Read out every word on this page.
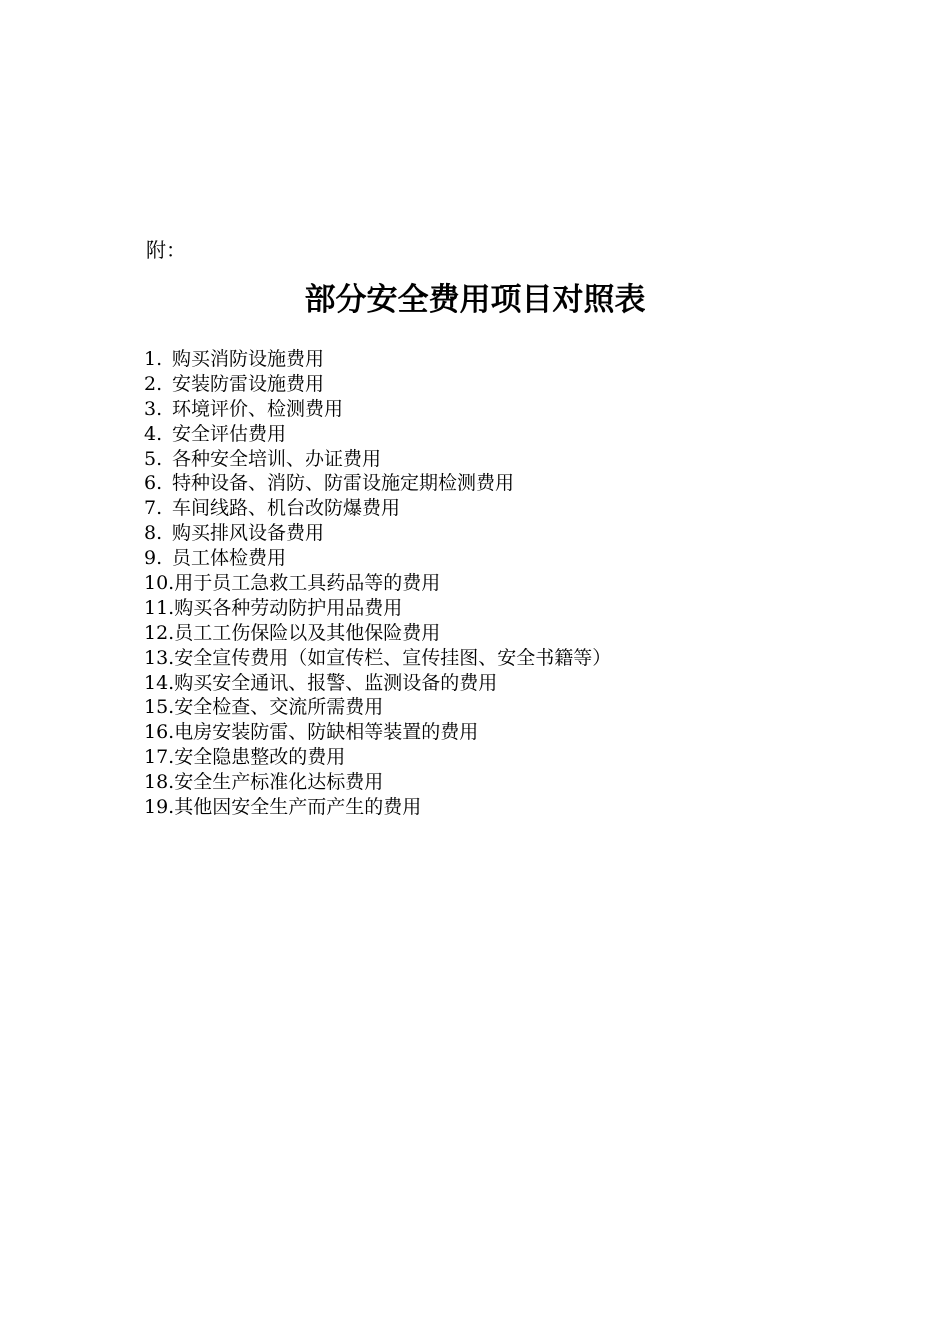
附：

部分安全费用项目对照表
1. 购买消防设施费用
2. 安装防雷设施费用
3. 环境评价、检测费用
4. 安全评估费用
5. 各种安全培训、办证费用
6. 特种设备、消防、防雷设施定期检测费用
7. 车间线路、机台改防爆费用
8. 购买排风设备费用
9. 员工体检费用
10. 用于员工急救工具药品等的费用
11. 购买各种劳动防护用品费用
12. 员工工伤保险以及其他保险费用
13. 安全宣传费用（如宣传栏、宣传挂图、安全书籍等）
14. 购买安全通讯、报警、监测设备的费用
15. 安全检查、交流所需费用
16. 电房安装防雷、防缺相等装置的费用
17. 安全隐患整改的费用
18. 安全生产标准化达标费用
19. 其他因安全生产而产生的费用
